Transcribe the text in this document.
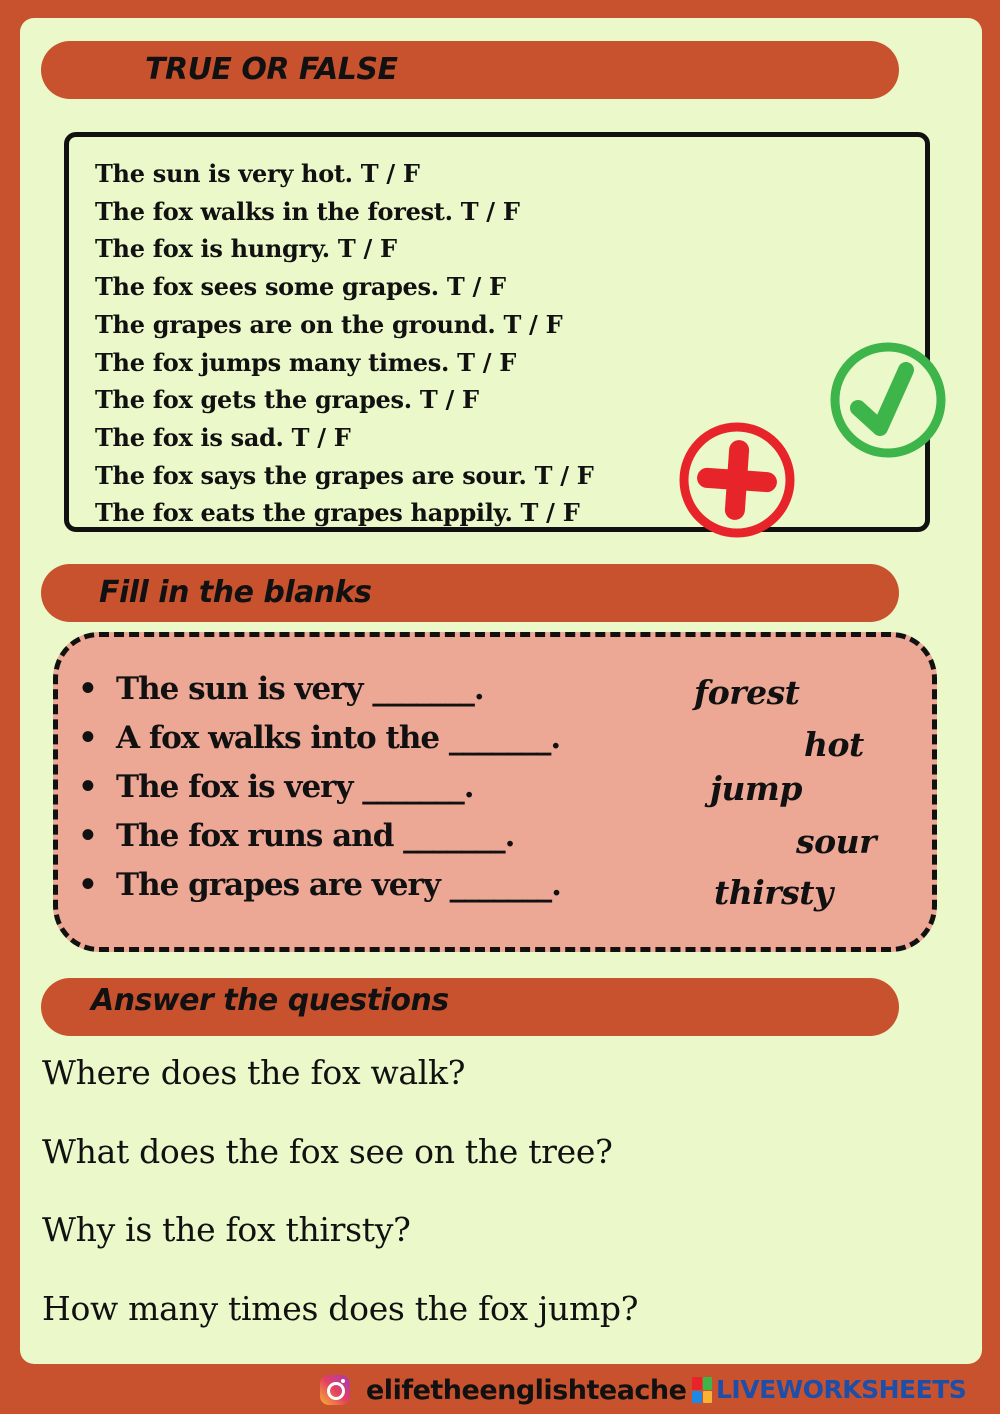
TRUE OR FALSE
The sun is very hot. T / F
The fox walks in the forest. T / F
The fox is hungry. T / F
The fox sees some grapes. T / F
The grapes are on the ground. T / F
The fox jumps many times. T / F
The fox gets the grapes. T / F
The fox is sad. T / F
The fox says the grapes are sour. T / F
The fox eats the grapes happily. T / F
Fill in the blanks
• The sun is very _______.
• A fox walks into the _______.
• The fox is very _______.
• The fox runs and _______.
• The grapes are very _______.
forest
hot
jump
sour
thirsty
Answer the questions
Where does the fox walk?
What does the fox see on the tree?
Why is the fox thirsty?
How many times does the fox jump?
elifetheenglishteache LIVEWORKSHEETS
